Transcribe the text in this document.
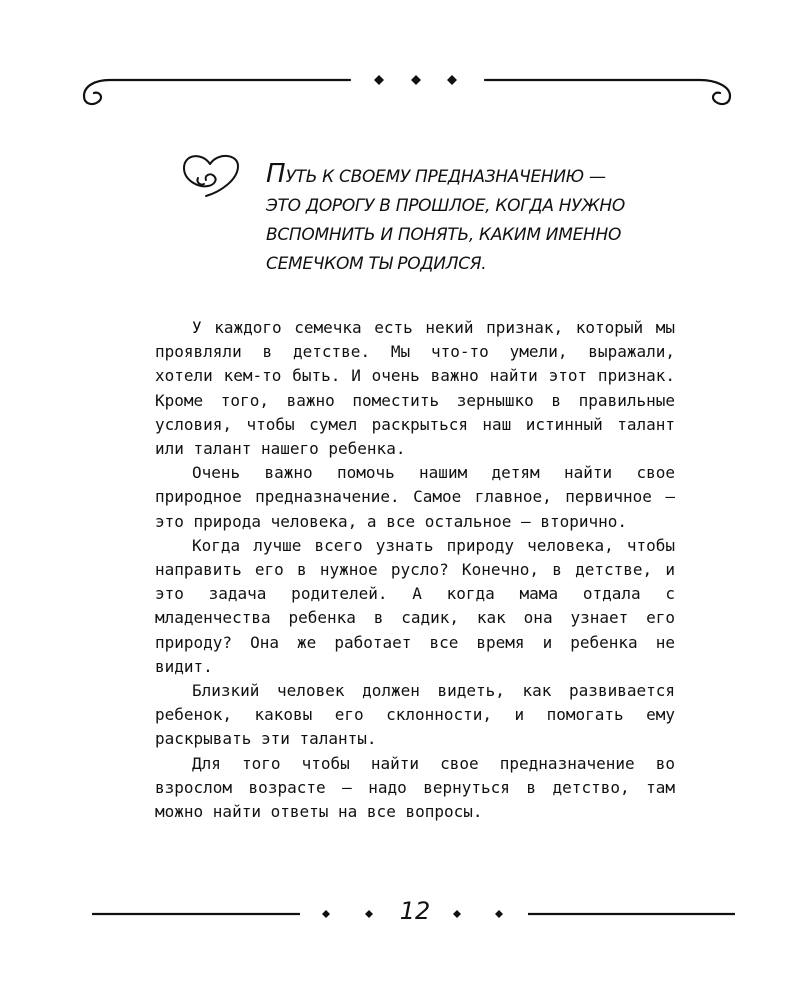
ПУТЬ К СВОЕМУ ПРЕДНАЗНАЧЕНИЮ — ЭТО ДОРОГУ В ПРОШЛОЕ, КОГДА НУЖНО ВСПОМНИТЬ И ПОНЯТЬ, КАКИМ ИМЕННО СЕМЕЧКОМ ТЫ РОДИЛСЯ.

У каждого семечка есть некий признак, который мы проявляли в детстве. Мы что-то умели, выражали, хотели кем-то быть. И очень важно найти этот признак. Кроме того, важно поместить зернышко в правильные условия, чтобы сумел раскрыться наш истинный талант или талант нашего ребенка.

Очень важно помочь нашим детям найти свое природное предназначение. Самое главное, первичное – это природа человека, а все остальное – вторично.

Когда лучше всего узнать природу человека, чтобы направить его в нужное русло? Конечно, в детстве, и это задача родителей. А когда мама отдала с младенчества ребенка в садик, как она узнает его природу? Она же работает все время и ребенка не видит.

Близкий человек должен видеть, как развивается ребенок, каковы его склонности, и помогать ему раскрывать эти таланты.

Для того чтобы найти свое предназначение во взрослом возрасте – надо вернуться в детство, там можно найти ответы на все вопросы.

12
